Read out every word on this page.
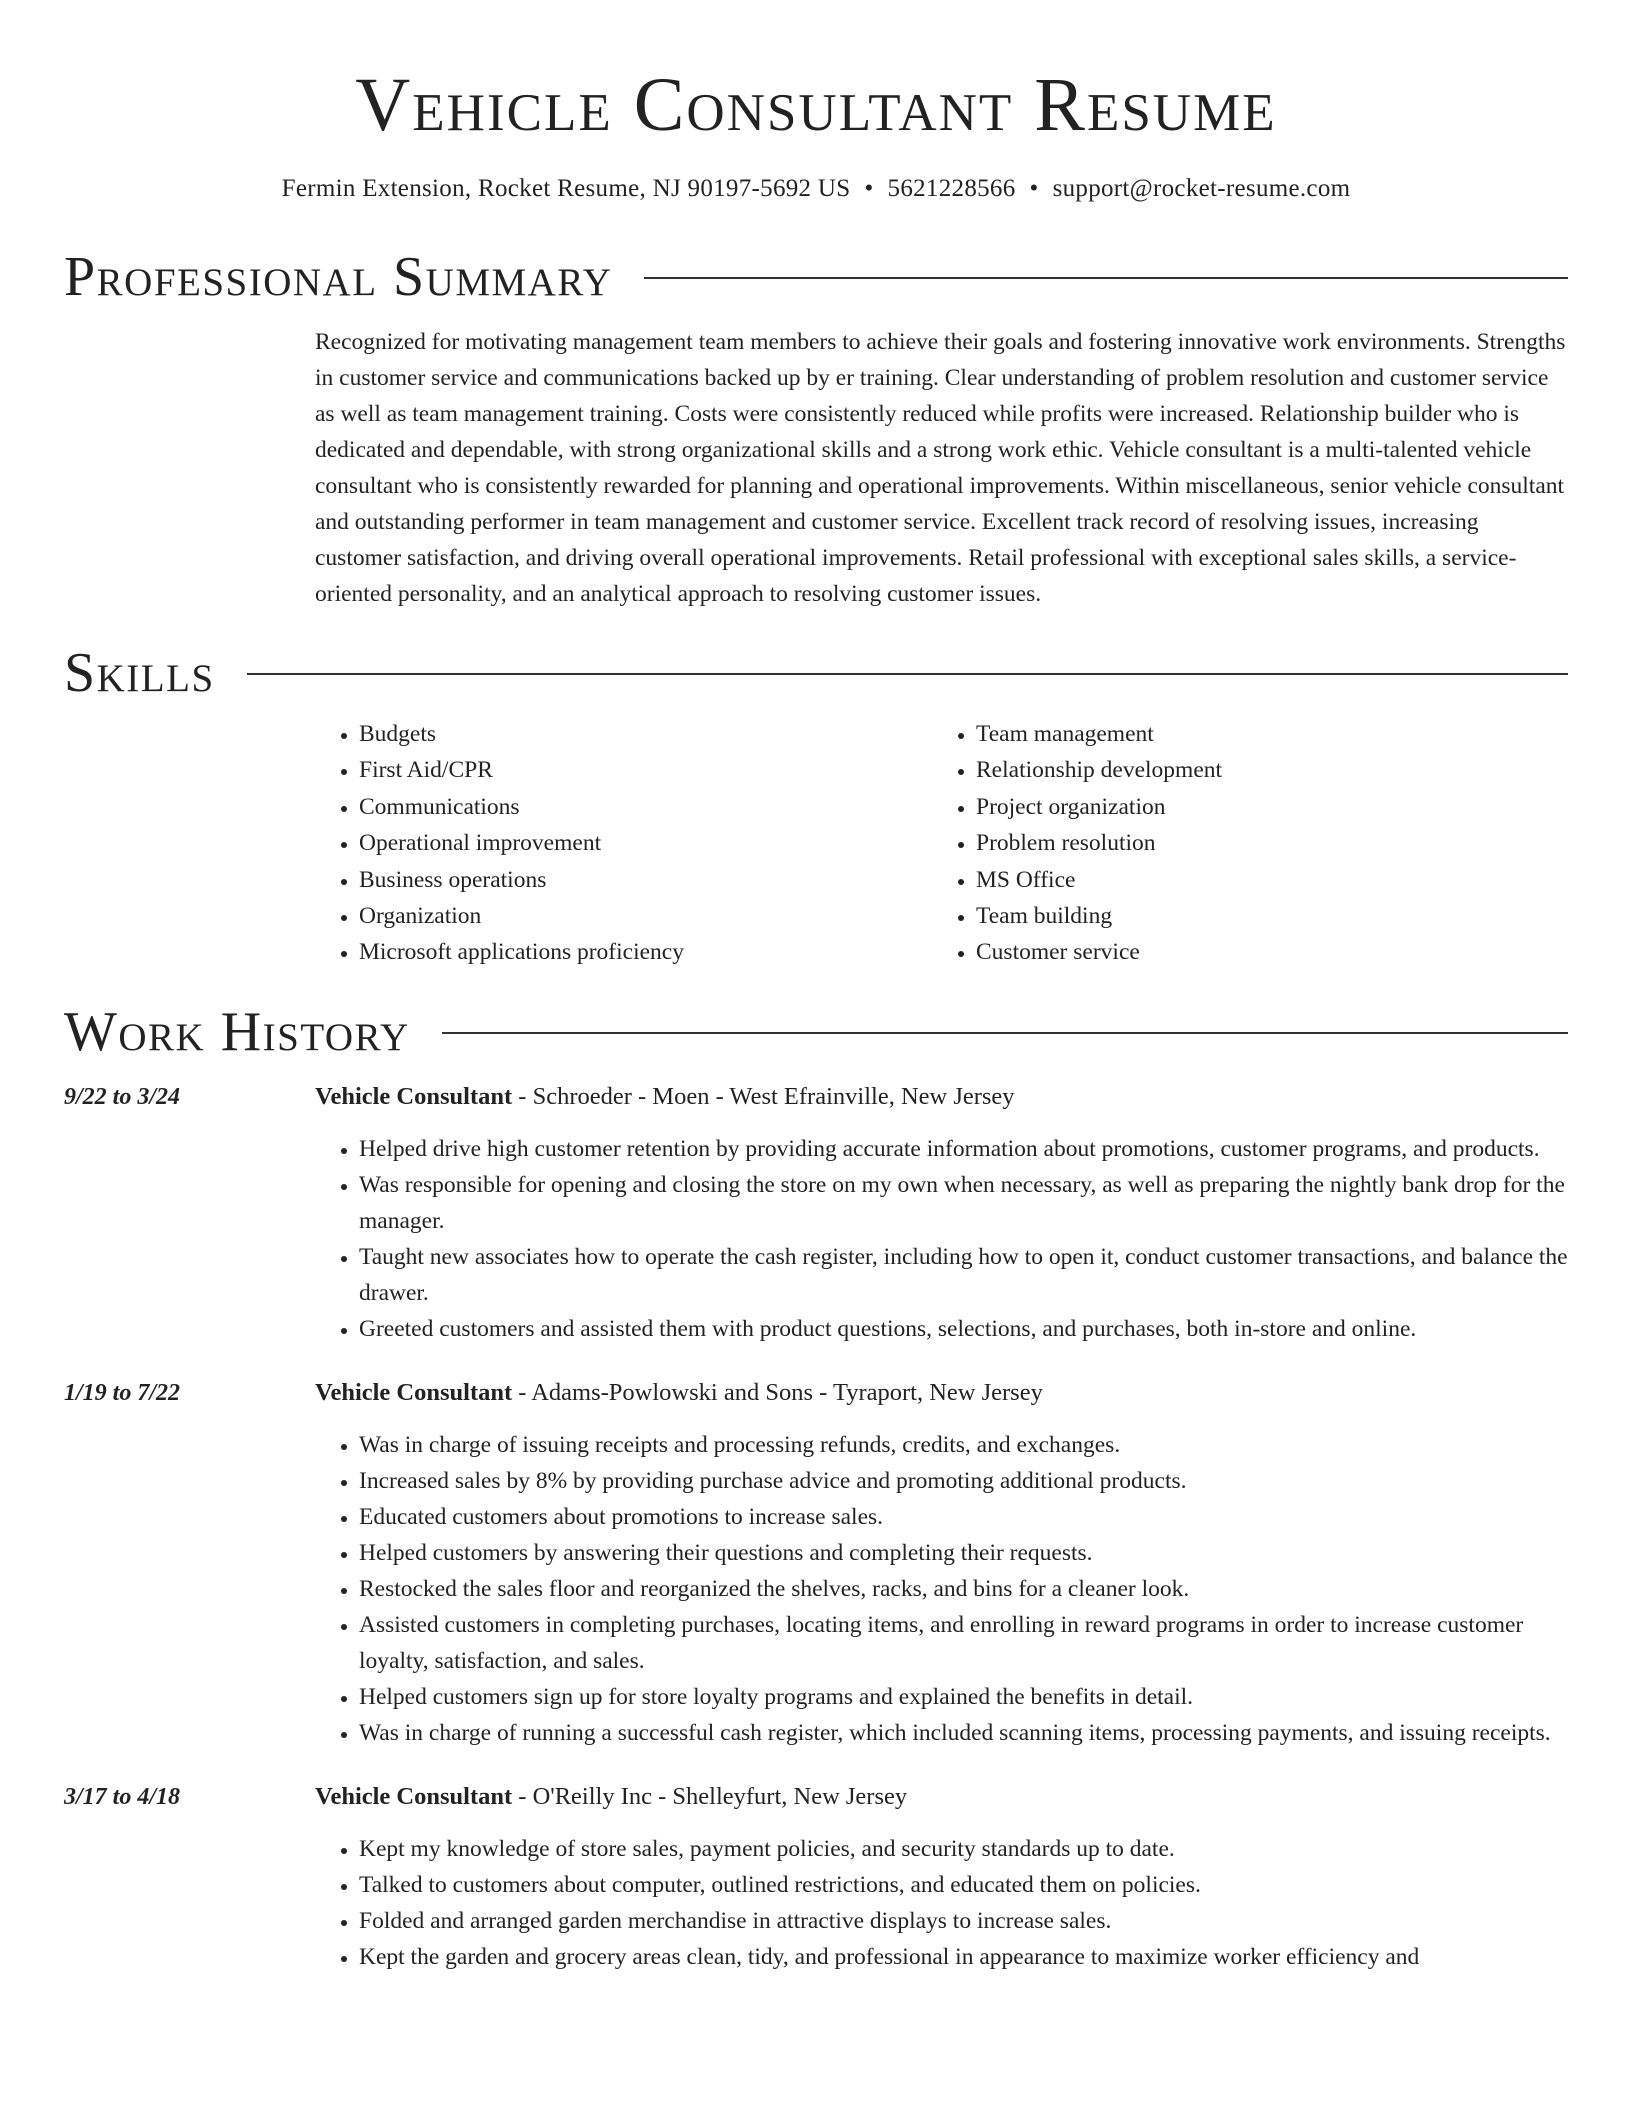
Vehicle Consultant Resume
Fermin Extension, Rocket Resume, NJ 90197-5692 US • 5621228566 • support@rocket-resume.com
Professional Summary

Recognized for motivating management team members to achieve their goals and fostering innovative work environments. Strengths in customer service and communications backed up by er training. Clear understanding of problem resolution and customer service as well as team management training. Costs were consistently reduced while profits were increased. Relationship builder who is dedicated and dependable, with strong organizational skills and a strong work ethic. Vehicle consultant is a multi-talented vehicle consultant who is consistently rewarded for planning and operational improvements. Within miscellaneous, senior vehicle consultant and outstanding performer in team management and customer service. Excellent track record of resolving issues, increasing customer satisfaction, and driving overall operational improvements. Retail professional with exceptional sales skills, a service-oriented personality, and an analytical approach to resolving customer issues.

Skills
• Budgets
• First Aid/CPR
• Communications
• Operational improvement
• Business operations
• Organization
• Microsoft applications proficiency
• Team management
• Relationship development
• Project organization
• Problem resolution
• MS Office
• Team building
• Customer service
Work History
9/22 to 3/24	Vehicle Consultant - Schroeder - Moen - West Efrainville, New Jersey
• Helped drive high customer retention by providing accurate information about promotions, customer programs, and products.
• Was responsible for opening and closing the store on my own when necessary, as well as preparing the nightly bank drop for the manager.
• Taught new associates how to operate the cash register, including how to open it, conduct customer transactions, and balance the drawer.
• Greeted customers and assisted them with product questions, selections, and purchases, both in-store and online.
1/19 to 7/22	Vehicle Consultant - Adams-Powlowski and Sons - Tyraport, New Jersey
• Was in charge of issuing receipts and processing refunds, credits, and exchanges.
• Increased sales by 8% by providing purchase advice and promoting additional products.
• Educated customers about promotions to increase sales.
• Helped customers by answering their questions and completing their requests.
• Restocked the sales floor and reorganized the shelves, racks, and bins for a cleaner look.
• Assisted customers in completing purchases, locating items, and enrolling in reward programs in order to increase customer loyalty, satisfaction, and sales.
• Helped customers sign up for store loyalty programs and explained the benefits in detail.
• Was in charge of running a successful cash register, which included scanning items, processing payments, and issuing receipts.
3/17 to 4/18	Vehicle Consultant - O'Reilly Inc - Shelleyfurt, New Jersey
• Kept my knowledge of store sales, payment policies, and security standards up to date.
• Talked to customers about computer, outlined restrictions, and educated them on policies.
• Folded and arranged garden merchandise in attractive displays to increase sales.
• Kept the garden and grocery areas clean, tidy, and professional in appearance to maximize worker efficiency and
